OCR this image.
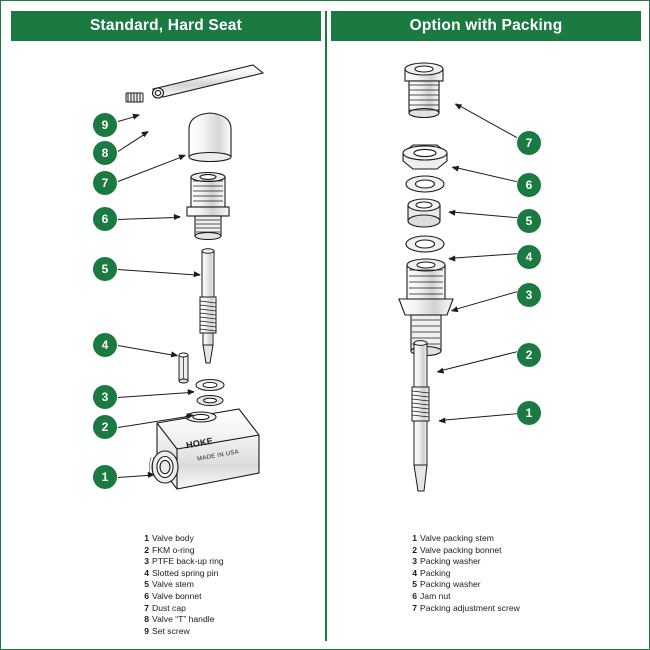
Standard, Hard Seat	Option with Packing
HOKE
MADE IN USA
9
8
7
6
5
4
3
2
1
7
6
5
4
3
2
1
1 Valve body
2 FKM o-ring
3 PTFE back-up ring
4 Slotted spring pin
5 Valve stem
6 Valve bonnet
7 Dust cap
8 Valve “T” handle
9 Set screw
1 Valve packing stem
2 Valve packing bonnet
3 Packing washer
4 Packing
5 Packing washer
6 Jam nut
7 Packing adjustment screw
